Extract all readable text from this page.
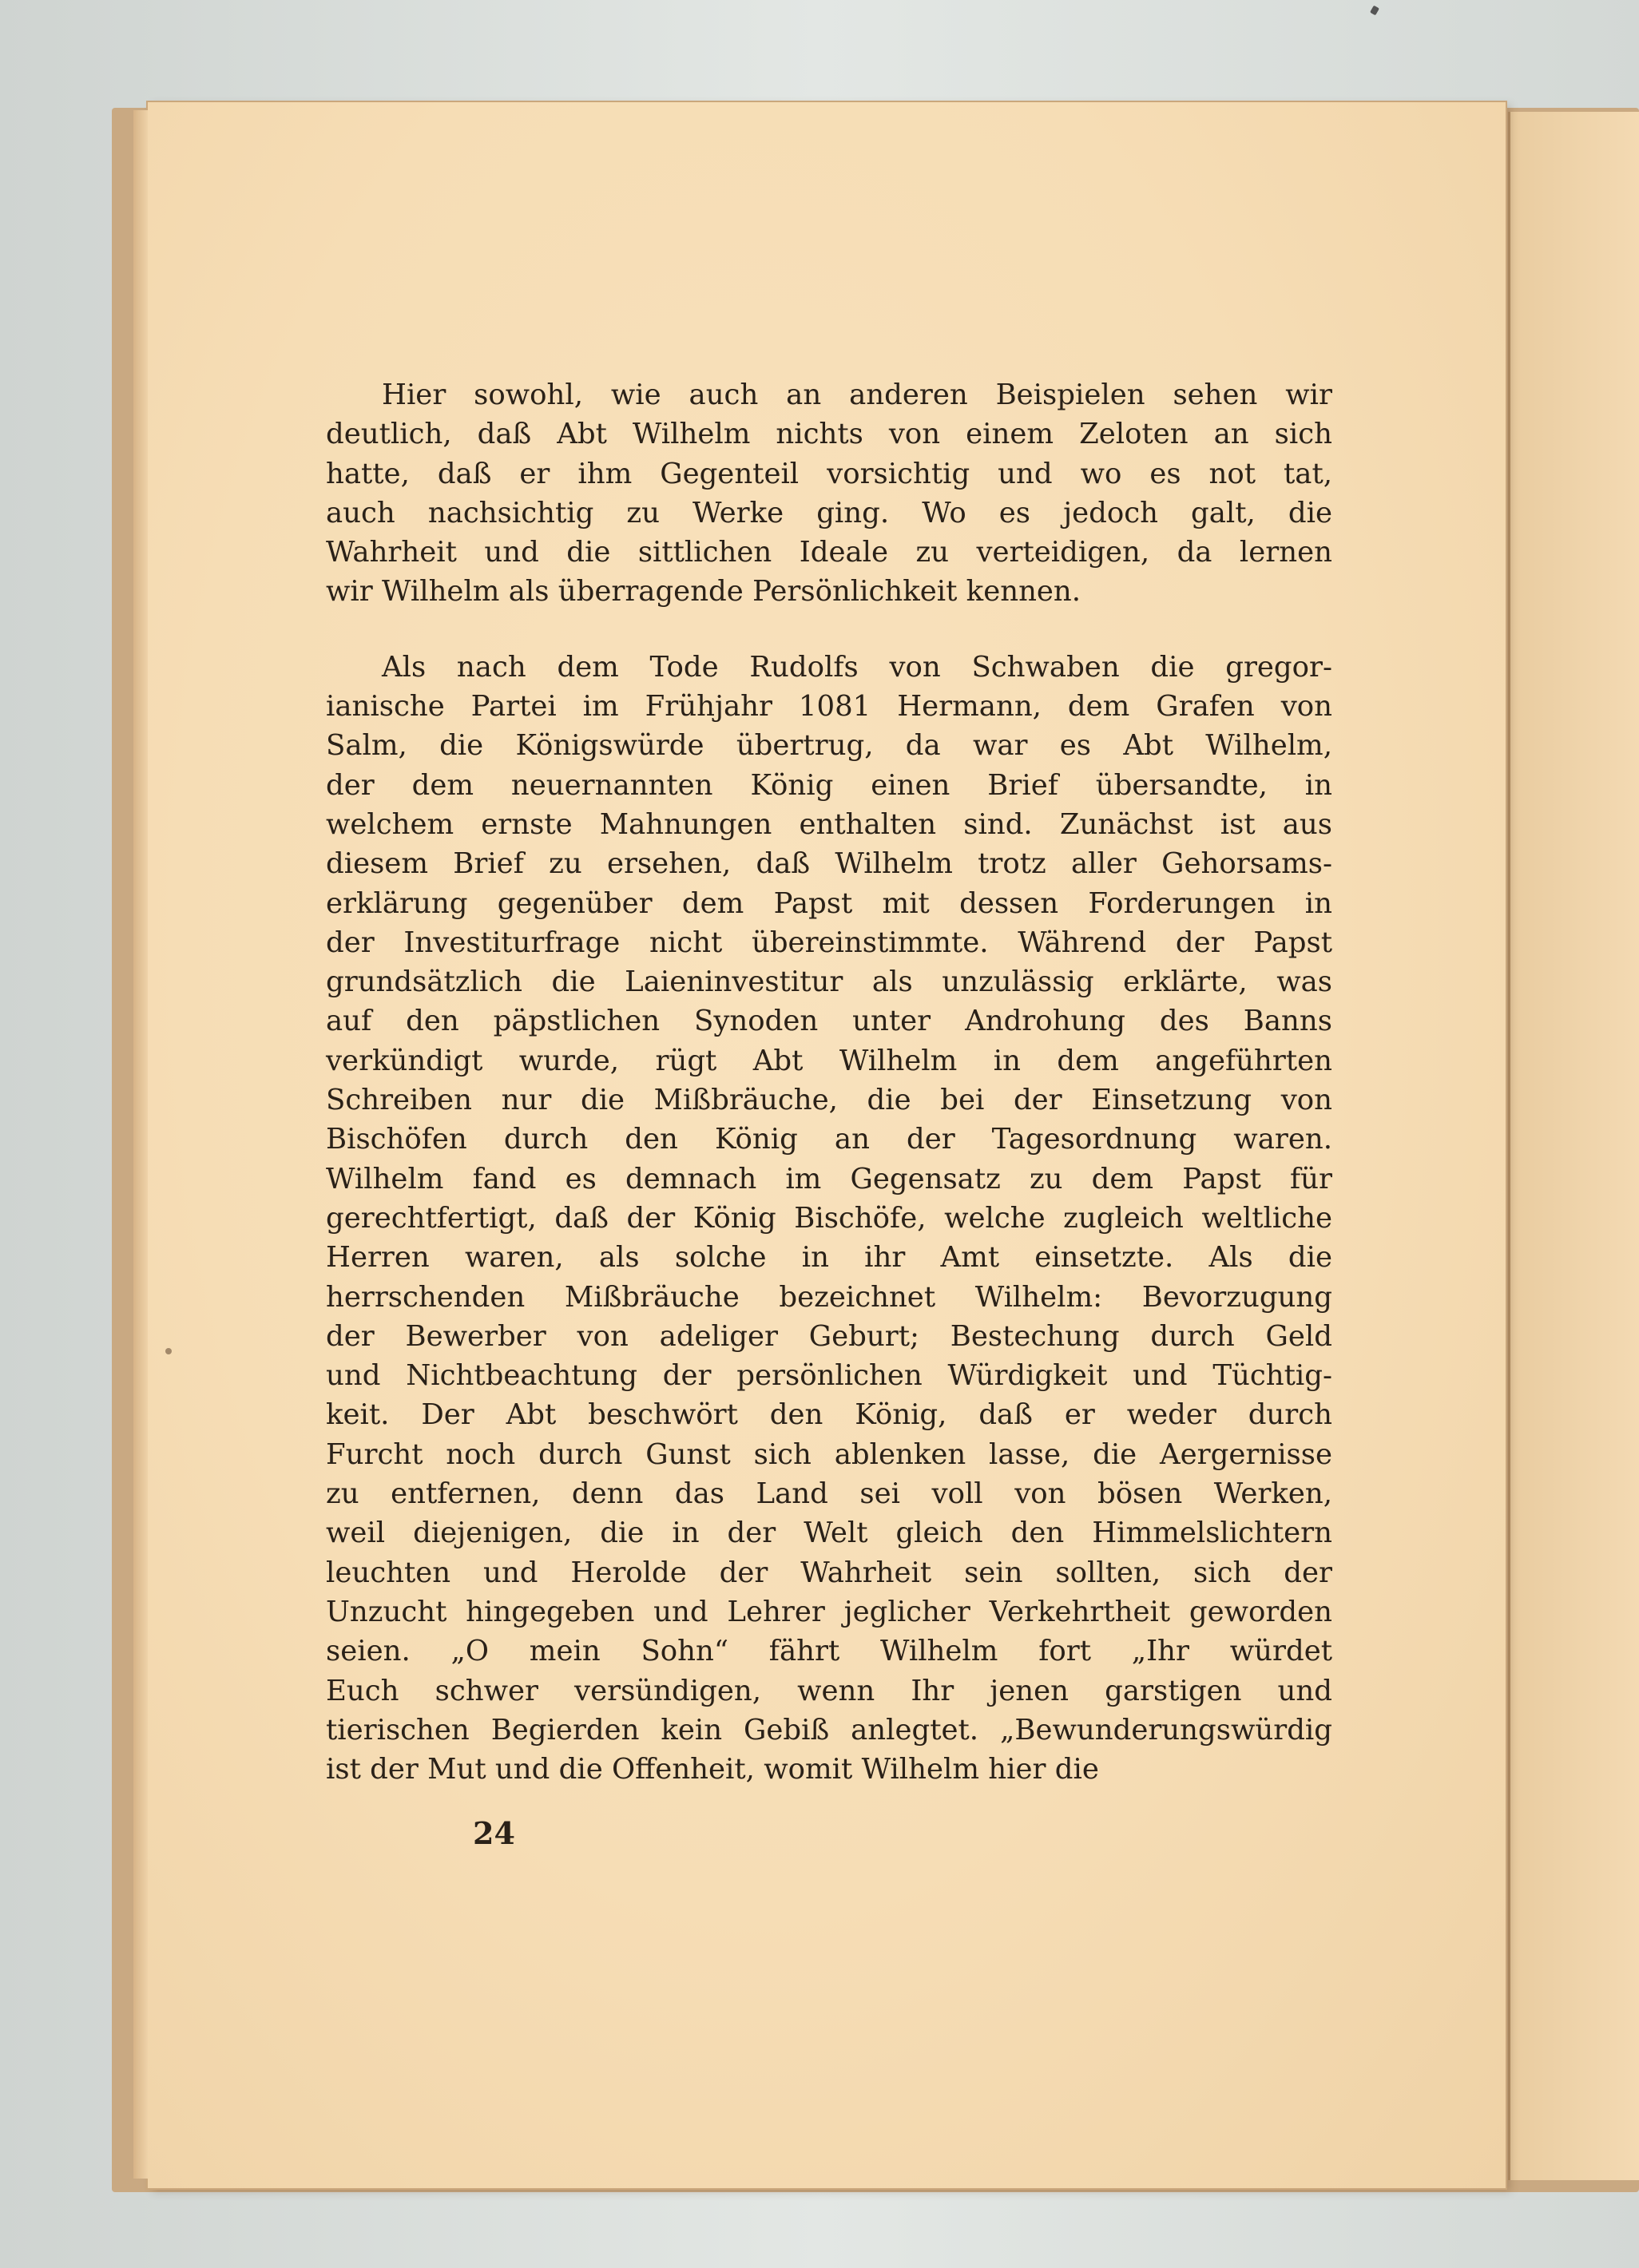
Hier sowohl, wie auch an anderen Beispielen sehen wir
deutlich, daß Abt Wilhelm nichts von einem Zeloten an sich
hatte, daß er ihm Gegenteil vorsichtig und wo es not tat,
auch nachsichtig zu Werke ging. Wo es jedoch galt, die
Wahrheit und die sittlichen Ideale zu verteidigen, da lernen
wir Wilhelm als überragende Persönlichkeit kennen.
Als nach dem Tode Rudolfs von Schwaben die gregor-
ianische Partei im Frühjahr 1081 Hermann, dem Grafen von
Salm, die Königswürde übertrug, da war es Abt Wilhelm,
der dem neuernannten König einen Brief übersandte, in
welchem ernste Mahnungen enthalten sind. Zunächst ist aus
diesem Brief zu ersehen, daß Wilhelm trotz aller Gehorsams-
erklärung gegenüber dem Papst mit dessen Forderungen in
der Investiturfrage nicht übereinstimmte. Während der Papst
grundsätzlich die Laieninvestitur als unzulässig erklärte, was
auf den päpstlichen Synoden unter Androhung des Banns
verkündigt wurde, rügt Abt Wilhelm in dem angeführten
Schreiben nur die Mißbräuche, die bei der Einsetzung von
Bischöfen durch den König an der Tagesordnung waren.
Wilhelm fand es demnach im Gegensatz zu dem Papst für
gerechtfertigt, daß der König Bischöfe, welche zugleich weltliche
Herren waren, als solche in ihr Amt einsetzte. Als die
herrschenden Mißbräuche bezeichnet Wilhelm: Bevorzugung
der Bewerber von adeliger Geburt; Bestechung durch Geld
und Nichtbeachtung der persönlichen Würdigkeit und Tüchtig-
keit. Der Abt beschwört den König, daß er weder durch
Furcht noch durch Gunst sich ablenken lasse, die Aergernisse
zu entfernen, denn das Land sei voll von bösen Werken,
weil diejenigen, die in der Welt gleich den Himmelslichtern
leuchten und Herolde der Wahrheit sein sollten, sich der
Unzucht hingegeben und Lehrer jeglicher Verkehrtheit geworden
seien. „O mein Sohn“ fährt Wilhelm fort „Ihr würdet
Euch schwer versündigen, wenn Ihr jenen garstigen und
tierischen Begierden kein Gebiß anlegtet. „Bewunderungswürdig
ist der Mut und die Offenheit, womit Wilhelm hier die
24
